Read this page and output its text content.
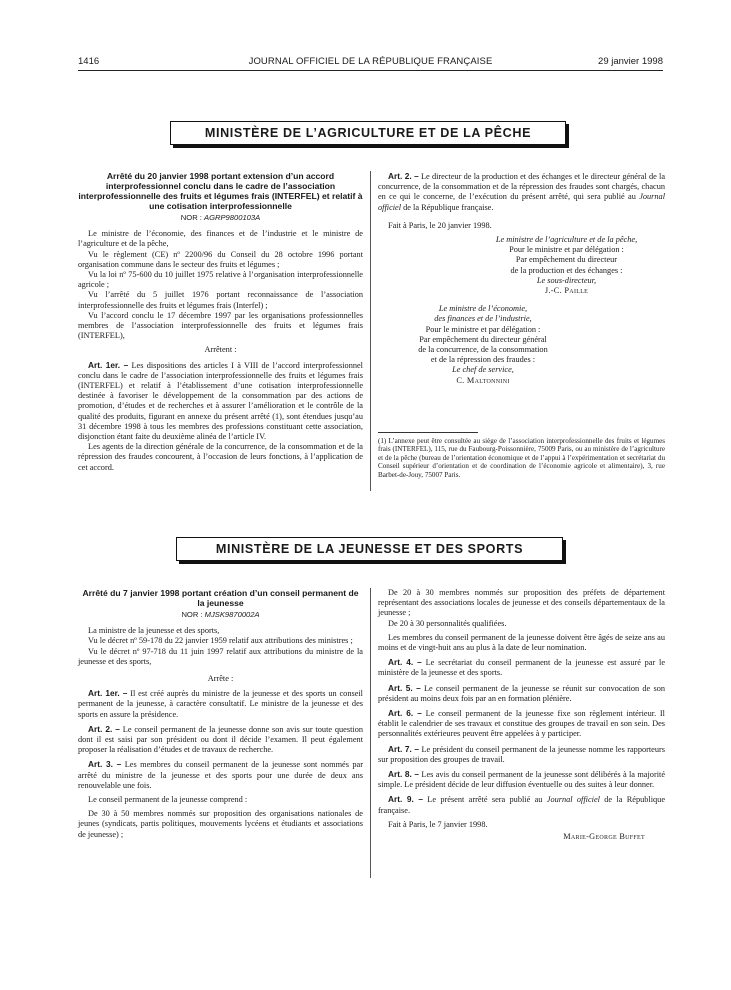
1416	JOURNAL OFFICIEL DE LA RÉPUBLIQUE FRANÇAISE	29 janvier 1998
MINISTÈRE DE L’AGRICULTURE ET DE LA PÊCHE
Arrêté du 20 janvier 1998 portant extension d’un accord interprofessionnel conclu dans le cadre de l’association interprofessionnelle des fruits et légumes frais (INTERFEL) et relatif à une cotisation interprofessionnelle
NOR : AGRP9800103A

Le ministre de l’économie, des finances et de l’industrie et le ministre de l’agriculture et de la pêche,

Vu le règlement (CE) nº 2200/96 du Conseil du 28 octobre 1996 portant organisation commune dans le secteur des fruits et légumes ;

Vu la loi nº 75-600 du 10 juillet 1975 relative à l’organisation interprofessionnelle agricole ;

Vu l’arrêté du 5 juillet 1976 portant reconnaissance de l’association interprofessionnelle des fruits et légumes frais (Interfel) ;

Vu l’accord conclu le 17 décembre 1997 par les organisations professionnelles membres de l’association interprofessionnelle des fruits et légumes frais (INTERFEL),

Arrêtent :

Art. 1er. – Les dispositions des articles I à VIII de l’accord interprofessionnel conclu dans le cadre de l’association interprofessionnelle des fruits et légumes frais (INTERFEL) et relatif à l’établissement d’une cotisation interprofessionnelle destinée à favoriser le développement de la consommation par des actions de promotion, d’études et de recherches et à assurer l’amélioration et le contrôle de la qualité des produits, figurant en annexe du présent arrêté (1), sont étendues jusqu’au 31 décembre 1998 à tous les membres des professions constituant cette association, disjonction étant faite du deuxième alinéa de l’article IV.

Les agents de la direction générale de la concurrence, de la consommation et de la répression des fraudes concourent, à l’occasion de leurs fonctions, à l’application de cet accord.

Art. 2. – Le directeur de la production et des échanges et le directeur général de la concurrence, de la consommation et de la répression des fraudes sont chargés, chacun en ce qui le concerne, de l’exécution du présent arrêté, qui sera publié au Journal officiel de la République française.

Fait à Paris, le 20 janvier 1998.

Le ministre de l’agriculture et de la pêche,
Pour le ministre et par délégation :
Par empêchement du directeur
de la production et des échanges :
Le sous-directeur,
J.-C. Paille
Le ministre de l’économie,
des finances et de l’industrie,
Pour le ministre et par délégation :
Par empêchement du directeur général
de la concurrence, de la consommation
et de la répression des fraudes :
Le chef de service,
C. Maltonnini
(1) L’annexe peut être consultée au siège de l’association interprofessionnelle des fruits et légumes frais (INTERFEL), 115, rue du Faubourg-Poissonnière, 75009 Paris, ou au ministère de l’agriculture et de la pêche (bureau de l’orientation économique et de l’appui à l’expérimentation et secrétariat du Conseil supérieur d’orientation et de coordination de l’économie agricole et alimentaire), 3, rue Barbet-de-Jouy, 75007 Paris.
MINISTÈRE DE LA JEUNESSE ET DES SPORTS
Arrêté du 7 janvier 1998 portant création d’un conseil permanent de la jeunesse
NOR : MJSK9870002A

La ministre de la jeunesse et des sports,

Vu le décret nº 59-178 du 22 janvier 1959 relatif aux attributions des ministres ;

Vu le décret nº 97-718 du 11 juin 1997 relatif aux attributions du ministre de la jeunesse et des sports,

Arrête :

Art. 1er. – Il est créé auprès du ministre de la jeunesse et des sports un conseil permanent de la jeunesse, à caractère consultatif. Le ministre de la jeunesse et des sports en assure la présidence.

Art. 2. – Le conseil permanent de la jeunesse donne son avis sur toute question dont il est saisi par son président ou dont il décide l’examen. Il peut également proposer la réalisation d’études et de travaux de recherche.

Art. 3. – Les membres du conseil permanent de la jeunesse sont nommés par arrêté du ministre de la jeunesse et des sports pour une durée de deux ans renouvelable une fois.

Le conseil permanent de la jeunesse comprend :

De 30 à 50 membres nommés sur proposition des organisations nationales de jeunes (syndicats, partis politiques, mouvements lycéens et étudiants et associations de jeunesse) ;

De 20 à 30 membres nommés sur proposition des préfets de département représentant des associations locales de jeunesse et des conseils départementaux de la jeunesse ;

De 20 à 30 personnalités qualifiées.

Les membres du conseil permanent de la jeunesse doivent être âgés de seize ans au moins et de vingt-huit ans au plus à la date de leur nomination.

Art. 4. – Le secrétariat du conseil permanent de la jeunesse est assuré par le ministère de la jeunesse et des sports.

Art. 5. – Le conseil permanent de la jeunesse se réunit sur convocation de son président au moins deux fois par an en formation plénière.

Art. 6. – Le conseil permanent de la jeunesse fixe son règlement intérieur. Il établit le calendrier de ses travaux et constitue des groupes de travail en son sein. Des personnalités extérieures peuvent être appelées à y participer.

Art. 7. – Le président du conseil permanent de la jeunesse nomme les rapporteurs sur proposition des groupes de travail.

Art. 8. – Les avis du conseil permanent de la jeunesse sont délibérés à la majorité simple. Le président décide de leur diffusion éventuelle ou des suites à leur donner.

Art. 9. – Le présent arrêté sera publié au Journal officiel de la République française.

Fait à Paris, le 7 janvier 1998.

Marie-George Buffet
